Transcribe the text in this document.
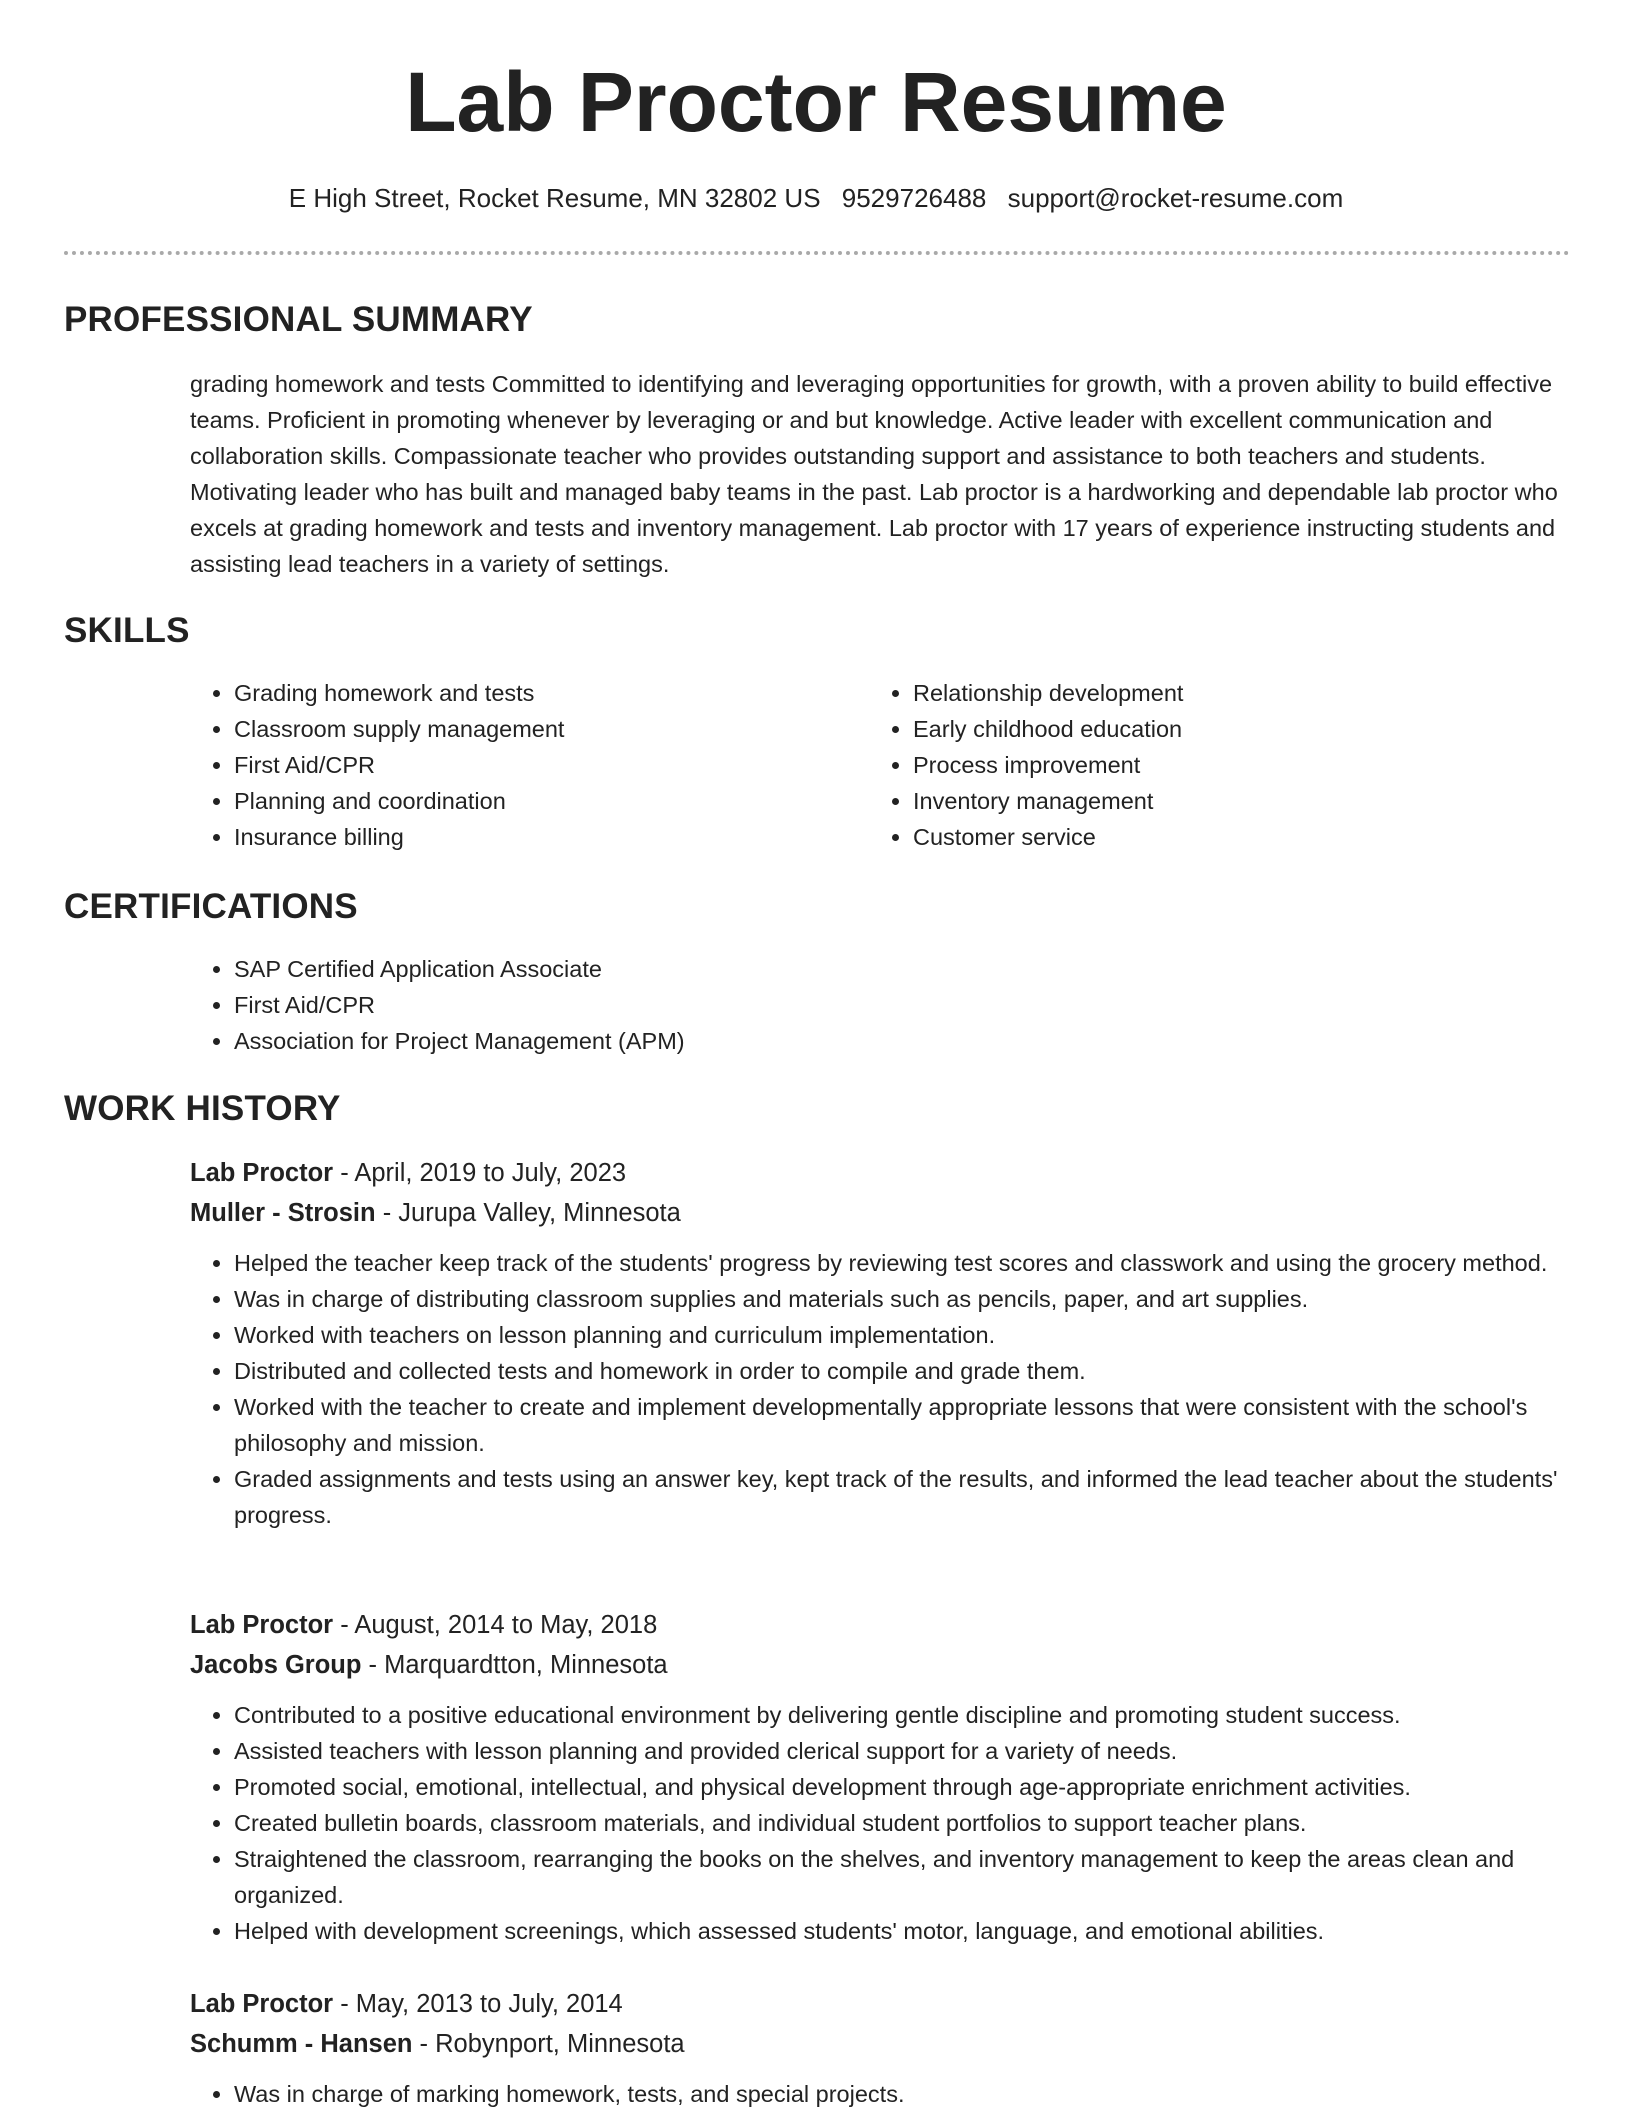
Lab Proctor Resume
E High Street, Rocket Resume, MN 32802 US 9529726488 support@rocket-resume.com
PROFESSIONAL SUMMARY

grading homework and tests Committed to identifying and leveraging opportunities for growth, with a proven ability to build effective teams. Proficient in promoting whenever by leveraging or and but knowledge. Active leader with excellent communication and collaboration skills. Compassionate teacher who provides outstanding support and assistance to both teachers and students. Motivating leader who has built and managed baby teams in the past. Lab proctor is a hardworking and dependable lab proctor who excels at grading homework and tests and inventory management. Lab proctor with 17 years of experience instructing students and assisting lead teachers in a variety of settings.

SKILLS
• Grading homework and tests
• Classroom supply management
• First Aid/CPR
• Planning and coordination
• Insurance billing
• Relationship development
• Early childhood education
• Process improvement
• Inventory management
• Customer service
CERTIFICATIONS
• SAP Certified Application Associate
• First Aid/CPR
• Association for Project Management (APM)
WORK HISTORY
Lab Proctor - April, 2019 to July, 2023
Muller - Strosin - Jurupa Valley, Minnesota
• Helped the teacher keep track of the students' progress by reviewing test scores and classwork and using the grocery method.
• Was in charge of distributing classroom supplies and materials such as pencils, paper, and art supplies.
• Worked with teachers on lesson planning and curriculum implementation.
• Distributed and collected tests and homework in order to compile and grade them.
• Worked with the teacher to create and implement developmentally appropriate lessons that were consistent with the school's philosophy and mission.
• Graded assignments and tests using an answer key, kept track of the results, and informed the lead teacher about the students' progress.
Lab Proctor - August, 2014 to May, 2018
Jacobs Group - Marquardtton, Minnesota
• Contributed to a positive educational environment by delivering gentle discipline and promoting student success.
• Assisted teachers with lesson planning and provided clerical support for a variety of needs.
• Promoted social, emotional, intellectual, and physical development through age-appropriate enrichment activities.
• Created bulletin boards, classroom materials, and individual student portfolios to support teacher plans.
• Straightened the classroom, rearranging the books on the shelves, and inventory management to keep the areas clean and organized.
• Helped with development screenings, which assessed students' motor, language, and emotional abilities.
Lab Proctor - May, 2013 to July, 2014
Schumm - Hansen - Robynport, Minnesota
• Was in charge of marking homework, tests, and special projects.
